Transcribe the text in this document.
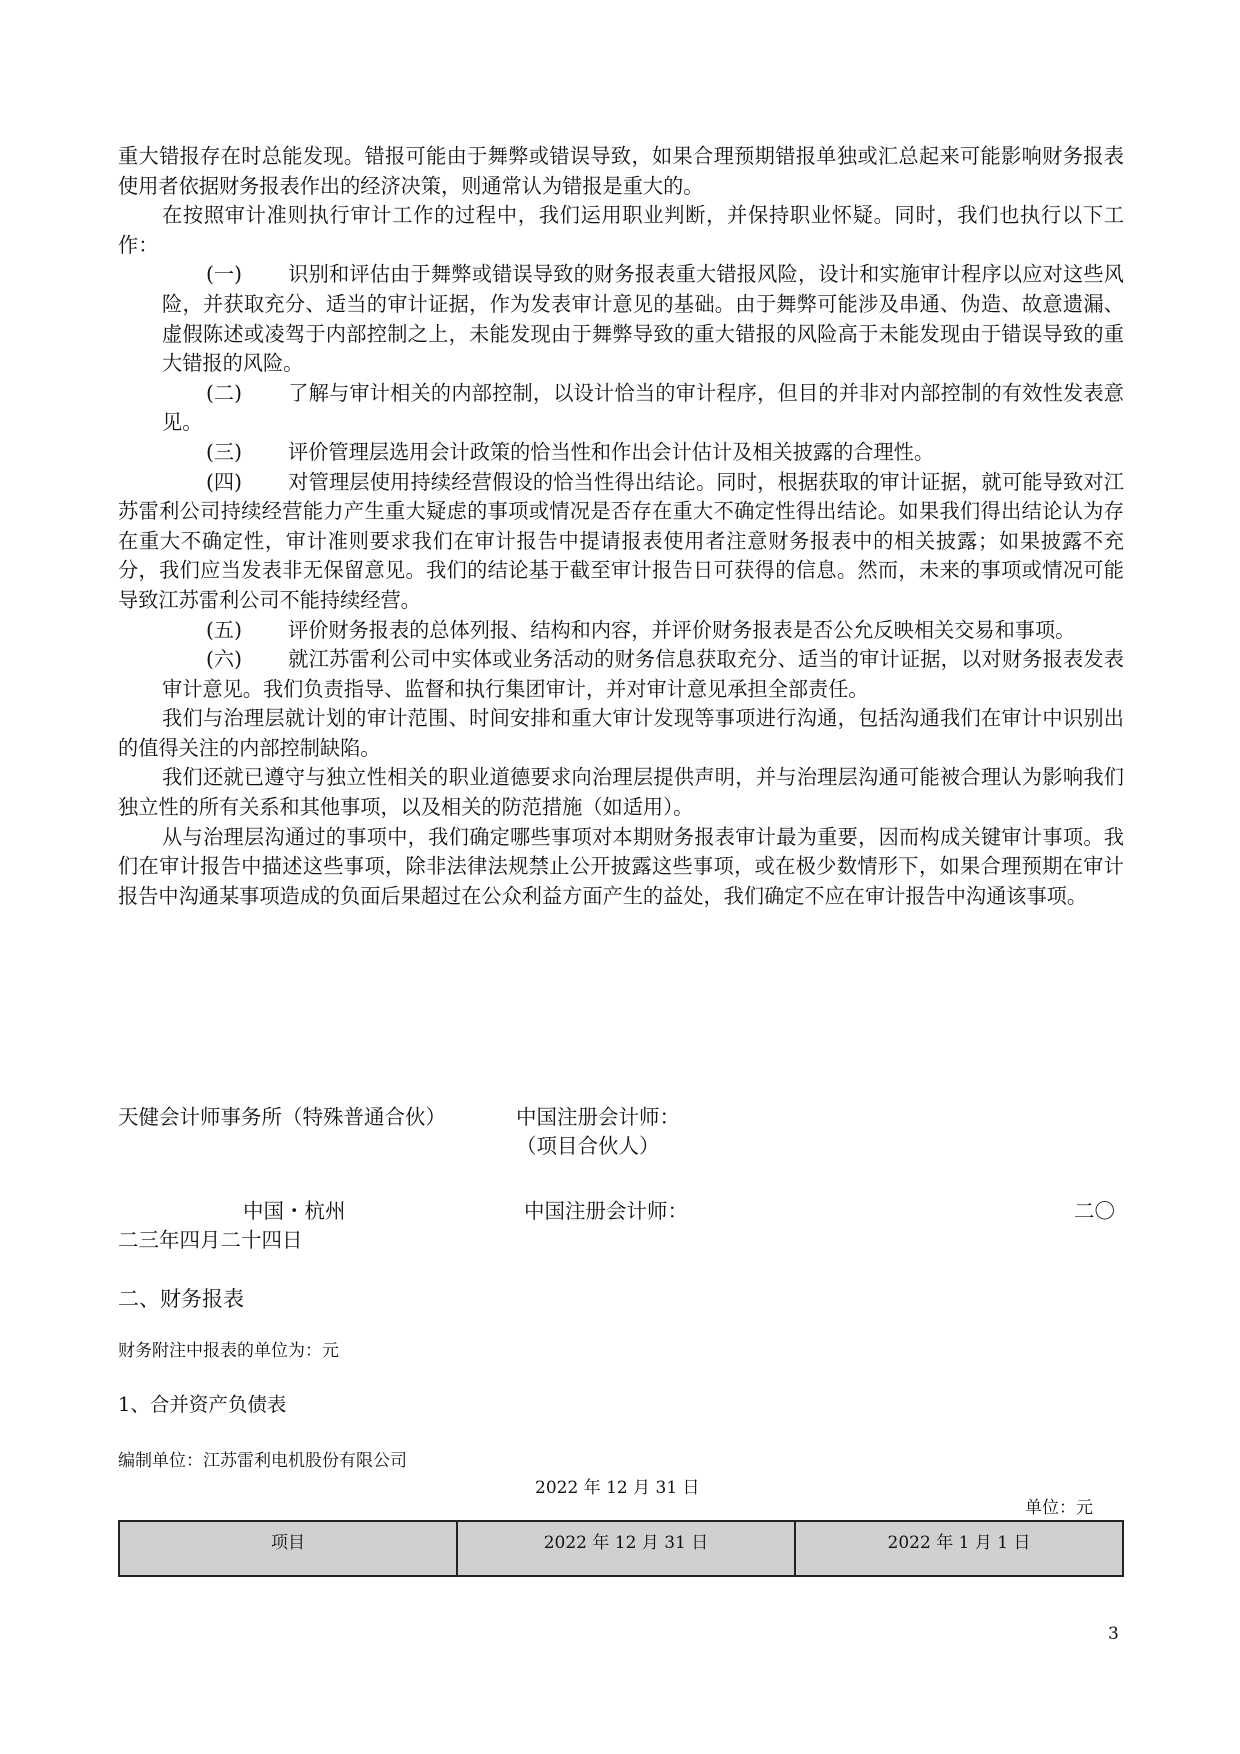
重大错报存在时总能发现。错报可能由于舞弊或错误导致，如果合理预期错报单独或汇总起来可能影响财务报表使用者依据财务报表作出的经济决策，则通常认为错报是重大的。

在按照审计准则执行审计工作的过程中，我们运用职业判断，并保持职业怀疑。同时，我们也执行以下工作：

(一) 识别和评估由于舞弊或错误导致的财务报表重大错报风险，设计和实施审计程序以应对这些风险，并获取充分、适当的审计证据，作为发表审计意见的基础。由于舞弊可能涉及串通、伪造、故意遗漏、虚假陈述或凌驾于内部控制之上，未能发现由于舞弊导致的重大错报的风险高于未能发现由于错误导致的重大错报的风险。

(二) 了解与审计相关的内部控制，以设计恰当的审计程序，但目的并非对内部控制的有效性发表意见。

(三) 评价管理层选用会计政策的恰当性和作出会计估计及相关披露的合理性。

(四) 对管理层使用持续经营假设的恰当性得出结论。同时，根据获取的审计证据，就可能导致对江苏雷利公司持续经营能力产生重大疑虑的事项或情况是否存在重大不确定性得出结论。如果我们得出结论认为存在重大不确定性，审计准则要求我们在审计报告中提请报表使用者注意财务报表中的相关披露；如果披露不充分，我们应当发表非无保留意见。我们的结论基于截至审计报告日可获得的信息。然而，未来的事项或情况可能导致江苏雷利公司不能持续经营。

(五) 评价财务报表的总体列报、结构和内容，并评价财务报表是否公允反映相关交易和事项。

(六) 就江苏雷利公司中实体或业务活动的财务信息获取充分、适当的审计证据，以对财务报表发表审计意见。我们负责指导、监督和执行集团审计，并对审计意见承担全部责任。

我们与治理层就计划的审计范围、时间安排和重大审计发现等事项进行沟通，包括沟通我们在审计中识别出的值得关注的内部控制缺陷。

我们还就已遵守与独立性相关的职业道德要求向治理层提供声明，并与治理层沟通可能被合理认为影响我们独立性的所有关系和其他事项，以及相关的防范措施（如适用）。

从与治理层沟通过的事项中，我们确定哪些事项对本期财务报表审计最为重要，因而构成关键审计事项。我们在审计报告中描述这些事项，除非法律法规禁止公开披露这些事项，或在极少数情形下，如果合理预期在审计报告中沟通某事项造成的负面后果超过在公众利益方面产生的益处，我们确定不应在审计报告中沟通该事项。

天健会计师事务所（特殊普通合伙）	中国注册会计师：
（项目合伙人）
中国・杭州	中国注册会计师：	二〇
二三年四月二十四日
二、财务报表
财务附注中报表的单位为：元
1、合并资产负债表
编制单位：江苏雷利电机股份有限公司
2022 年 12 月 31 日
单位：元
项目	2022 年 12 月 31 日	2022 年 1 月 1 日
3
